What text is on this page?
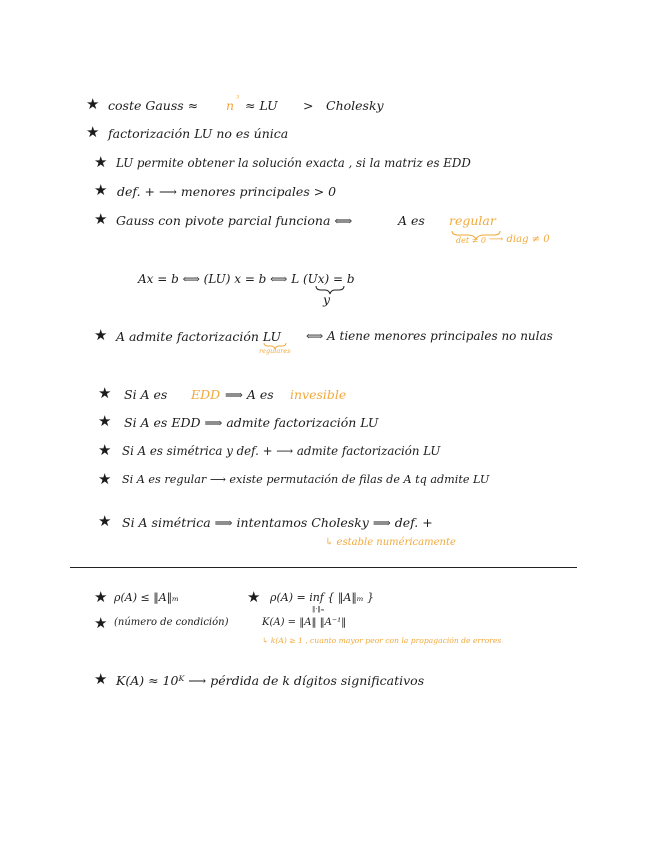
★ coste Gauss ≈ n ³ ≈ LU > Cholesky
★ factorización LU no es única
★ LU permite obtener la solución exacta , si la matriz es EDD
★ def. + ⟶ menores principales > 0
★ Gauss con pivote parcial funciona ⟺	A es regular
det ≠ 0 ⟶ diag ≠ 0
Ax = b ⟺ (LU) x = b ⟺ L (Ux) = b
y
★ A admite factorización LU ⟺ A tiene menores principales no nulas
regulares
★ Si A es EDD ⟹ A es invesible
★ Si A es EDD ⟹ admite factorización LU
★ Si A es simétrica y def. + ⟶ admite factorización LU
★ Si A es regular ⟶ existe permutación de filas de A tq admite LU
★ Si A simétrica ⟹ intentamos Cholesky ⟹ def. +
↳ estable numéricamente
★ ρ(A) ≤ ‖A‖ₘ	★ ρ(A) = inf { ‖A‖ₘ }
‖·‖ₘ
★ (número de condición)	K(A) = ‖A‖ ‖A⁻¹‖
↳ k(A) ≥ 1 , cuanto mayor peor con la propagación de errores
★ K(A) ≈ 10ᴷ ⟶ pérdida de k dígitos significativos
